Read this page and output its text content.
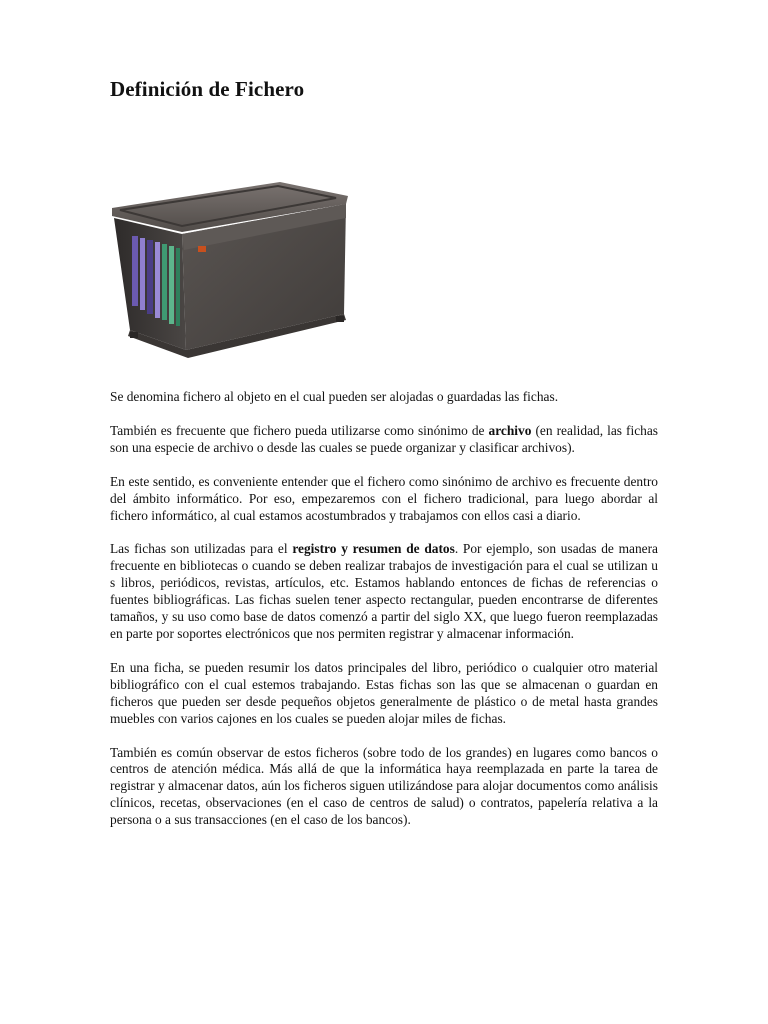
Definición de Fichero

Se denomina fichero al objeto en el cual pueden ser alojadas o guardadas las fichas.

También es frecuente que fichero pueda utilizarse como sinónimo de archivo (en realidad, las fichas son una especie de archivo o desde las cuales se puede organizar y clasificar archivos).

En este sentido, es conveniente entender que el fichero como sinónimo de archivo es frecuente dentro del ámbito informático. Por eso, empezaremos con el fichero tradicional, para luego abordar al fichero informático, al cual estamos acostumbrados y trabajamos con ellos casi a diario.

Las fichas son utilizadas para el registro y resumen de datos. Por ejemplo, son usadas de manera frecuente en bibliotecas o cuando se deben realizar trabajos de investigación para el cual se utilizan u s libros, periódicos, revistas, artículos, etc. Estamos hablando entonces de fichas de referencias o fuentes bibliográficas. Las fichas suelen tener aspecto rectangular, pueden encontrarse de diferentes tamaños, y su uso como base de datos comenzó a partir del siglo XX, que luego fueron reemplazadas en parte por soportes electrónicos que nos permiten registrar y almacenar información.

En una ficha, se pueden resumir los datos principales del libro, periódico o cualquier otro material bibliográfico con el cual estemos trabajando. Estas fichas son las que se almacenan o guardan en ficheros que pueden ser desde pequeños objetos generalmente de plástico o de metal hasta grandes muebles con varios cajones en los cuales se pueden alojar miles de fichas.

También es común observar de estos ficheros (sobre todo de los grandes) en lugares como bancos o centros de atención médica. Más allá de que la informática haya reemplazada en parte la tarea de registrar y almacenar datos, aún los ficheros siguen utilizándose para alojar documentos como análisis clínicos, recetas, observaciones (en el caso de centros de salud) o contratos, papelería relativa a la persona o a sus transacciones (en el caso de los bancos).
